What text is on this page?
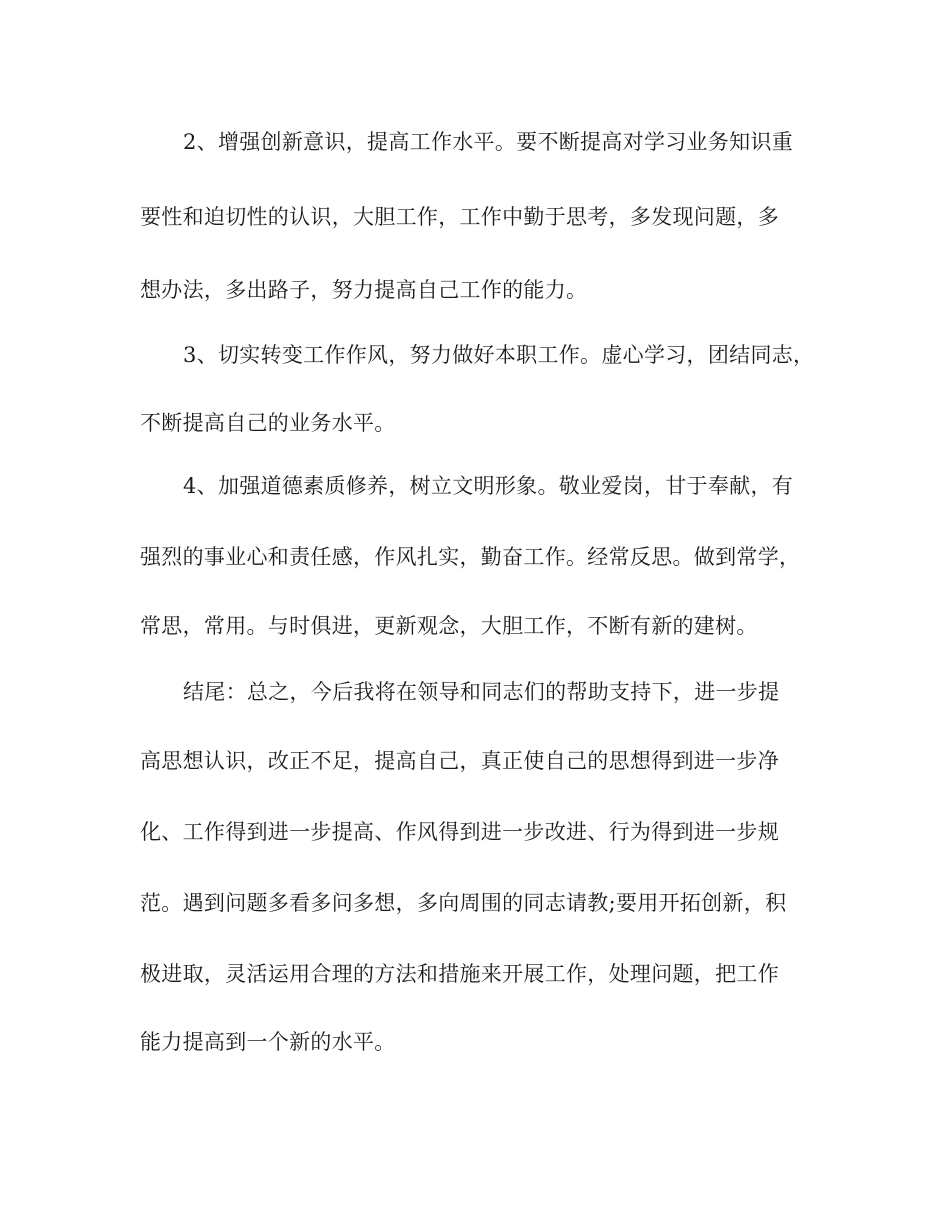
2、增强创新意识，提高工作水平。要不断提高对学习业务知识重
要性和迫切性的认识，大胆工作，工作中勤于思考，多发现问题，多
想办法，多出路子，努力提高自己工作的能力。
3、切实转变工作作风，努力做好本职工作。虚心学习，团结同志，
不断提高自己的业务水平。
4、加强道德素质修养，树立文明形象。敬业爱岗，甘于奉献，有
强烈的事业心和责任感，作风扎实，勤奋工作。经常反思。做到常学，
常思，常用。与时俱进，更新观念，大胆工作，不断有新的建树。
结尾：总之，今后我将在领导和同志们的帮助支持下，进一步提
高思想认识，改正不足，提高自己，真正使自己的思想得到进一步净
化、工作得到进一步提高、作风得到进一步改进、行为得到进一步规
范。遇到问题多看多问多想，多向周围的同志请教;要用开拓创新，积
极进取，灵活运用合理的方法和措施来开展工作，处理问题，把工作
能力提高到一个新的水平。
